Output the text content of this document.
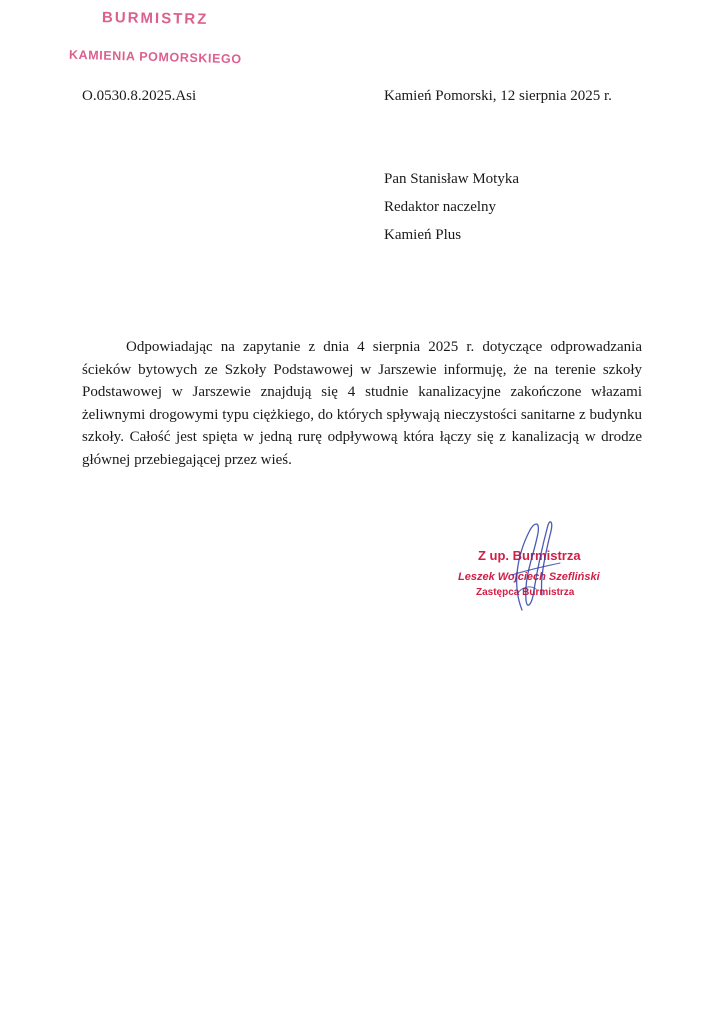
BURMISTRZ
KAMIENIA POMORSKIEGO
O.0530.8.2025.Asi	Kamień Pomorski, 12 sierpnia 2025 r.
Pan Stanisław Motyka
Redaktor naczelny
Kamień Plus

Odpowiadając na zapytanie z dnia 4 sierpnia 2025 r. dotyczące odprowadzania ścieków bytowych ze Szkoły Podstawowej w Jarszewie informuję, że na terenie szkoły Podstawowej w Jarszewie znajdują się 4 studnie kanalizacyjne zakończone włazami żeliwnymi drogowymi typu ciężkiego, do których spływają nieczystości sanitarne z budynku szkoły. Całość jest spięta w jedną rurę odpływową która łączy się z kanalizacją w drodze głównej przebiegającej przez wieś.

Z up. Burmistrza
Leszek Wojciech Szefliński
Zastępca Burmistrza
